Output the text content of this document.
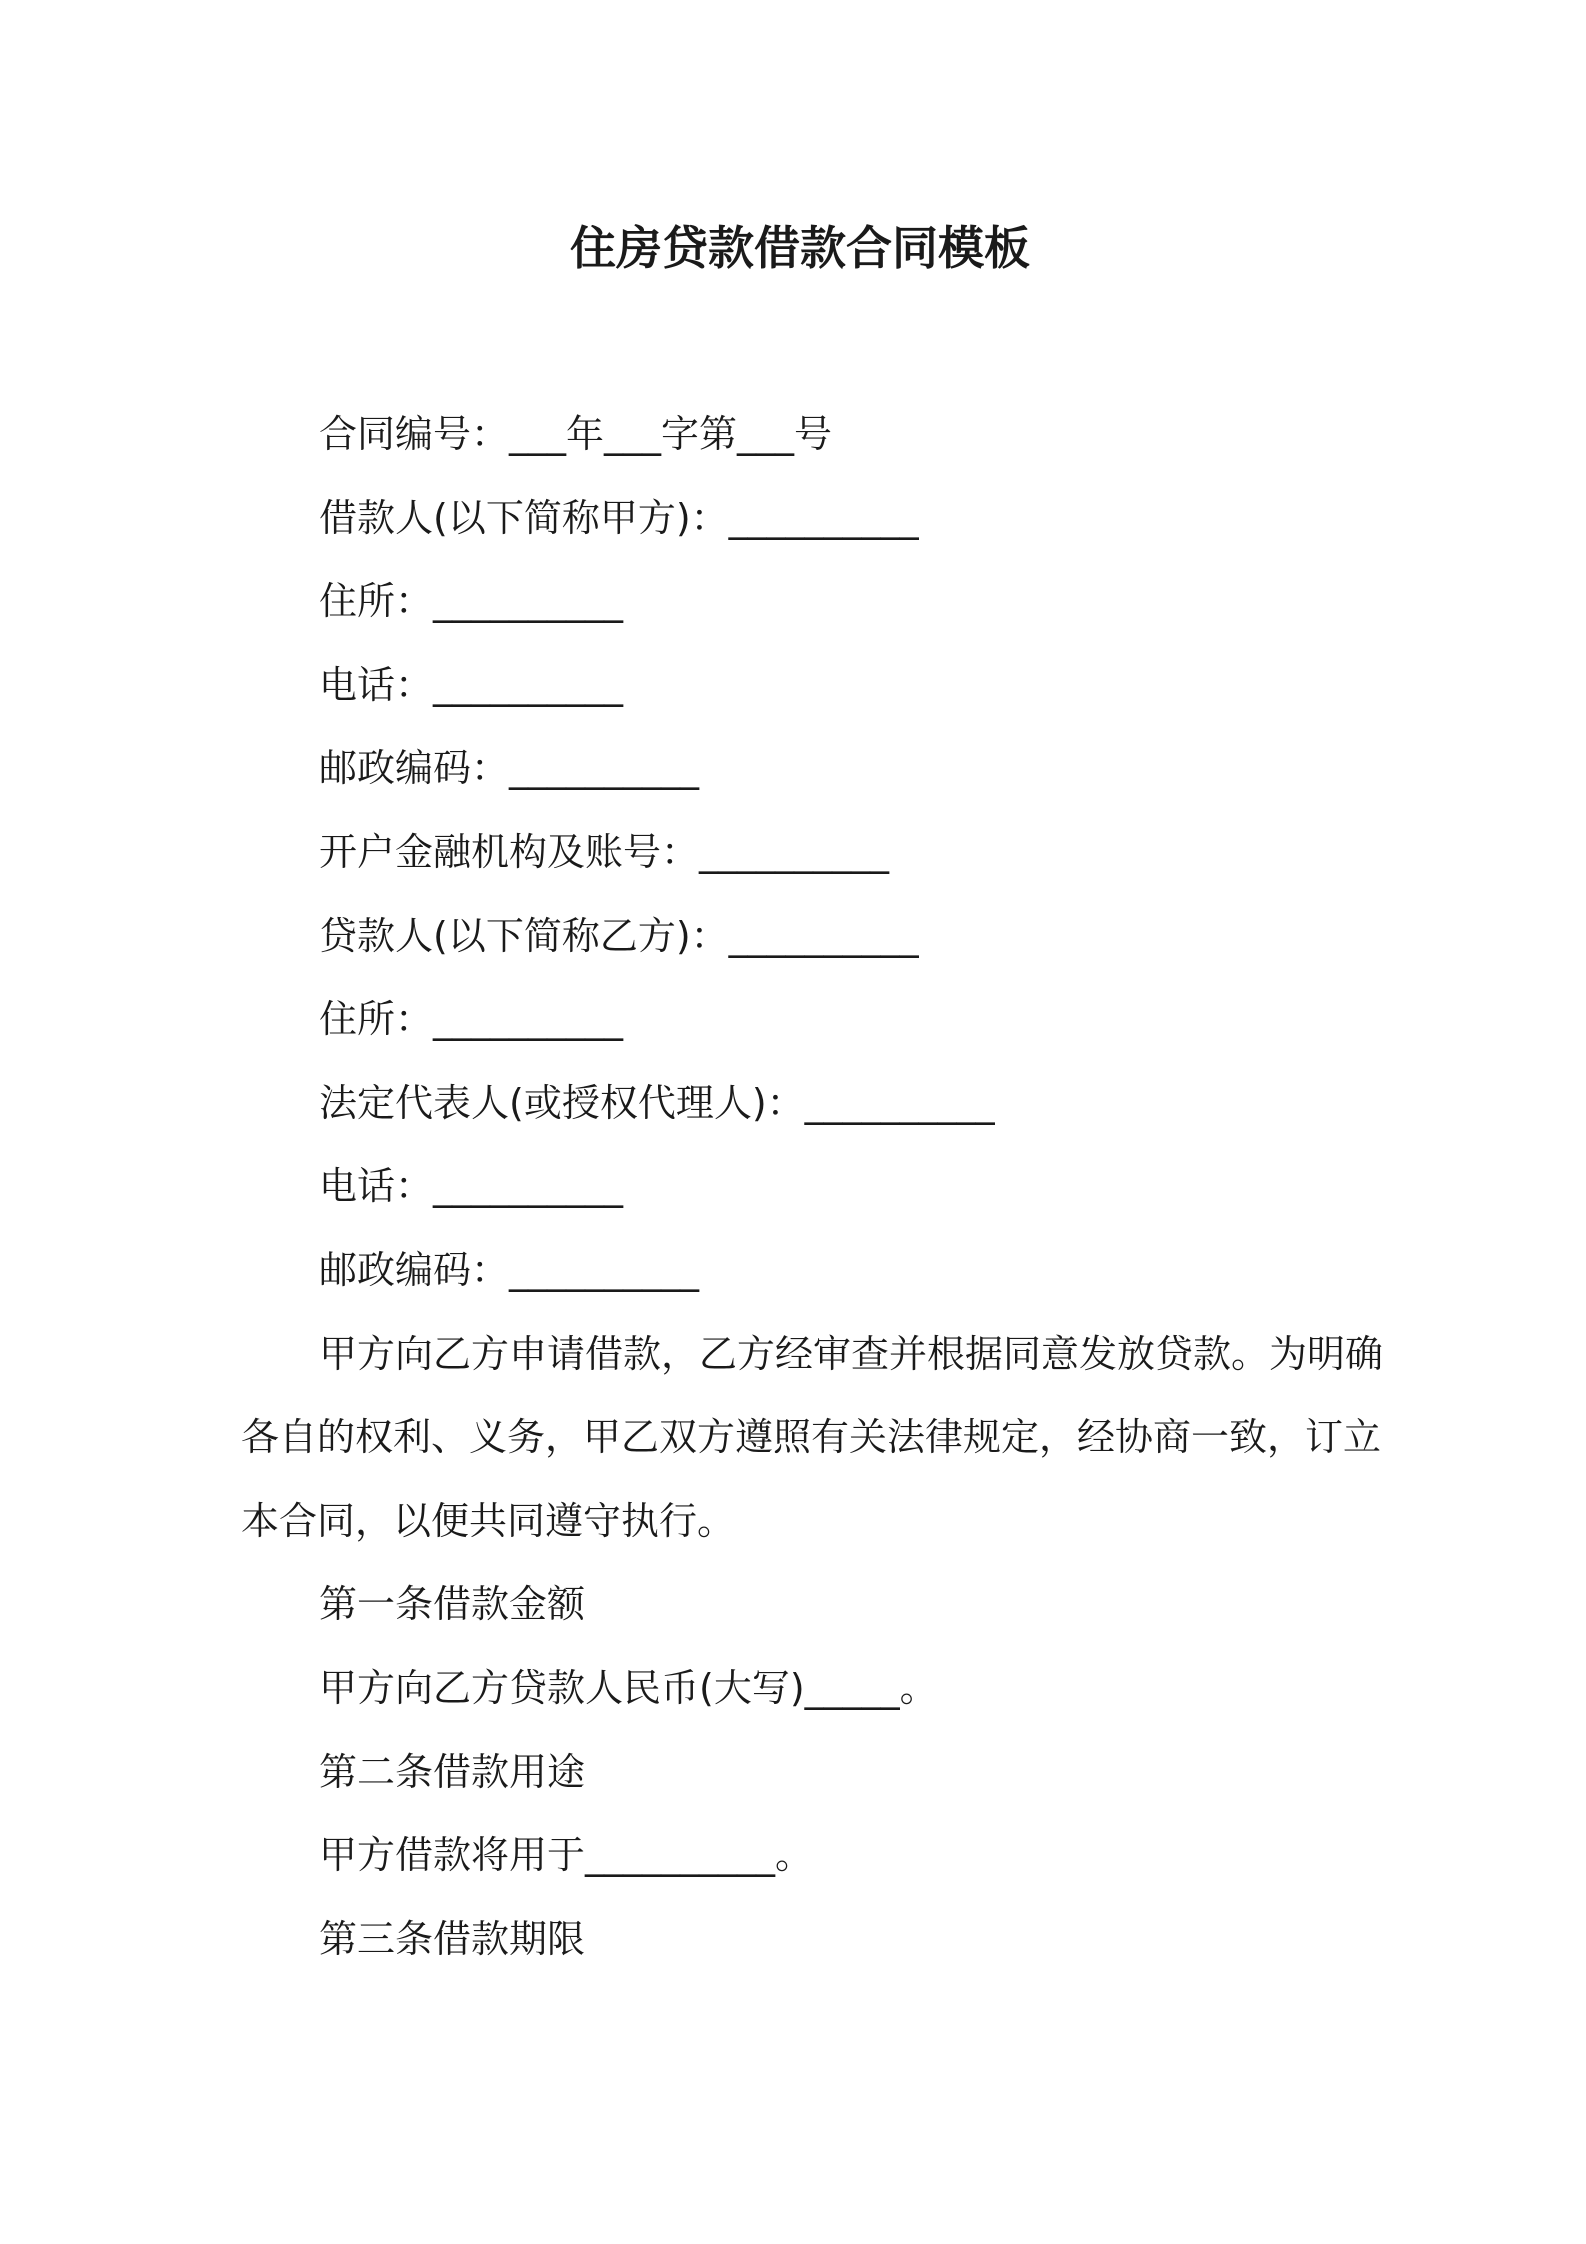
住房贷款借款合同模板
合同编号：___年___字第___号
借款人(以下简称甲方)：__________
住所：__________
电话：__________
邮政编码：__________
开户金融机构及账号：__________
贷款人(以下简称乙方)：__________
住所：__________
法定代表人(或授权代理人)：__________
电话：__________
邮政编码：__________
甲方向乙方申请借款，乙方经审查并根据同意发放贷款。为明确
各自的权利、义务，甲乙双方遵照有关法律规定，经协商一致，订立
本合同，以便共同遵守执行。
第一条借款金额
甲方向乙方贷款人民币(大写)_____。
第二条借款用途
甲方借款将用于__________。
第三条借款期限
